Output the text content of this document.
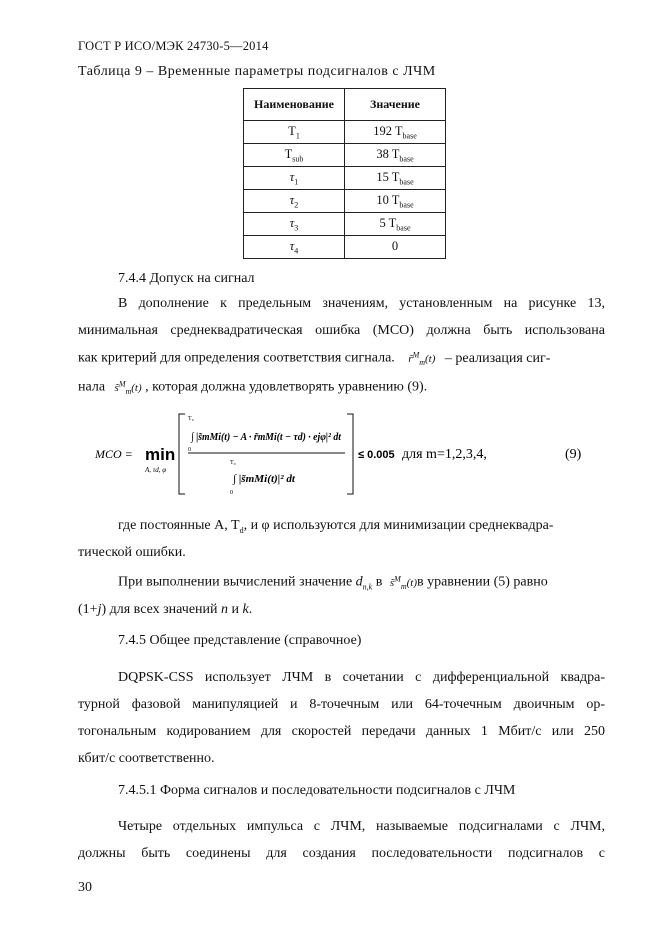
ГОСТ Р ИСО/МЭК 24730-5—2014
Таблица 9 – Временные параметры подсигналов с ЛЧМ
Наименование	Значение
$T_1$	192 $T_{base}$
$T_{sub}$	38 $T_{base}$
$\tau_1$	15 $T_{base}$
$\tau_2$	10 $T_{base}$
$\tau_3$	5 $T_{base}$
$\tau_4$	0
7.4.4 Допуск на сигнал
В дополнение к предельным значениям, установленным на рисунке 13,
минимальная среднеквадратическая ошибка (МСО) должна быть использована
как критерий для определения соответствия сигнала. r̃$^M_m$(t) – реализация сиг-
нала s̃$^M_m$(t) , которая должна удовлетворять уравнению (9).
MCO = min
A, τd, φ
T₀
0
∫ |s̃mMi(t) − A · r̃mMi(t − τd) · ejφ|² dt
T₀
0
∫ |s̃mMi(t)|² dt
≤ 0.005 для m=1,2,3,4,	(9)
где постоянные A, $T_d$, и φ используются для минимизации среднеквадра-
тической ошибки.
При выполнении вычислений значение $d_{n,k}$ в s̃$^M_m$(t)в уравнении (5) равно
(1+j) для всех значений n и k.
7.4.5 Общее представление (справочное)
DQPSK-CSS использует ЛЧМ в сочетании с дифференциальной квадра-
турной фазовой манипуляцией и 8-точечным или 64-точечным двоичным ор-
тогональным кодированием для скоростей передачи данных 1 Мбит/с или 250
кбит/с соответственно.
7.4.5.1 Форма сигналов и последовательности подсигналов с ЛЧМ
Четыре отдельных импульса с ЛЧМ, называемые подсигналами с ЛЧМ,
должны быть соединены для создания последовательности подсигналов с
30
